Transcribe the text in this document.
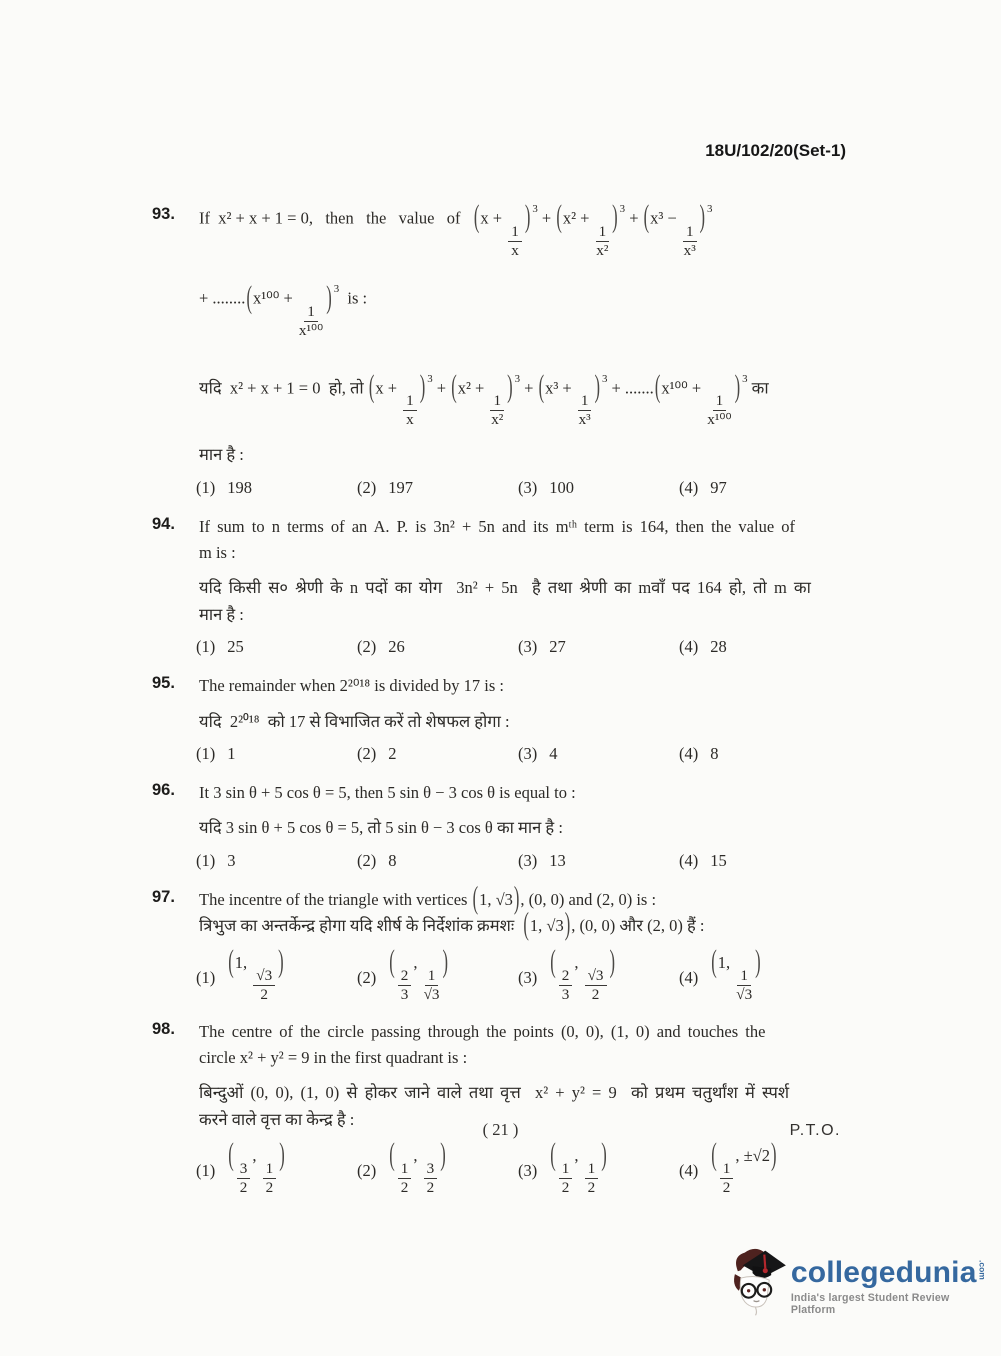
18U/102/20(Set-1)
93.	If  x² + x + 1 = 0,   then   the   value   of   (x +
$\frac{1}{x}$
) $^3$ + (x² +
$\frac{1}{\text{x²}}$
) $^3$ + (x³ −
$\frac{1}{\text{x³}}$
) $^3$
+ ........(x¹⁰⁰ +
$\frac{1}{\text{x¹⁰⁰}}$
) $^3$  is :
यदि  x² + x + 1 = 0  हो, तो (x +
$\frac{1}{x}$
) $^3$ + (x² +
$\frac{1}{\text{x²}}$
) $^3$ + (x³ +
$\frac{1}{\text{x³}}$
) $^3$ + .......(x¹⁰⁰ +
$\frac{1}{\text{x¹⁰⁰}}$
) $^3$ का
मान है :
(1) 198	(2) 197	(3) 100	(4) 97
94.	If sum to n terms of an A. P. is 3n² + 5n and its mᵗʰ term is 164, then the value of
m is :
यदि किसी स० श्रेणी के n पदों का योग  3n² + 5n  है तथा श्रेणी का mवाँ पद 164 हो, तो m का
मान है :
(1) 25	(2) 26	(3) 27	(4) 28
95.	The remainder when 2²⁰¹⁸ is divided by 17 is :
यदि  2²⁰¹⁸  को 17 से विभाजित करें तो शेषफल होगा :
(1) 1	(2) 2	(3) 4	(4) 8
96.	It 3 sin θ + 5 cos θ = 5, then 5 sin θ − 3 cos θ is equal to :
यदि 3 sin θ + 5 cos θ = 5, तो 5 sin θ − 3 cos θ का मान है :
(1) 3	(2) 8	(3) 13	(4) 15
97.	The incentre of the triangle with vertices (1, √3), (0, 0) and (2, 0) is :
त्रिभुज का अन्तर्केन्द्र होगा यदि शीर्ष के निर्देशांक क्रमशः  (1, √3), (0, 0) और (2, 0) हैं :
(1) (1,
$\frac{√3}{2}$
)	(2) (
$\frac{2}{3}$
,
$\frac{1}{√3}$
)	(3) (
$\frac{2}{3}$
,
$\frac{√3}{2}$
)	(4) (1,
$\frac{1}{√3}$
)
98.	The centre of the circle passing through the points (0, 0), (1, 0) and touches the
circle x² + y² = 9 in the first quadrant is :
बिन्दुओं (0, 0), (1, 0) से होकर जाने वाले तथा वृत्त  x² + y² = 9  को प्रथम चतुर्थांश में स्पर्श
करने वाले वृत्त का केन्द्र है :
(1) (
$\frac{3}{2}$
,
$\frac{1}{2}$
)	(2) (
$\frac{1}{2}$
,
$\frac{3}{2}$
)	(3) (
$\frac{1}{2}$
,
$\frac{1}{2}$
)	(4) (
$\frac{1}{2}$
, ±√2)
( 21 )	P.T.O.
collegedunia .com
India's largest Student Review Platform
